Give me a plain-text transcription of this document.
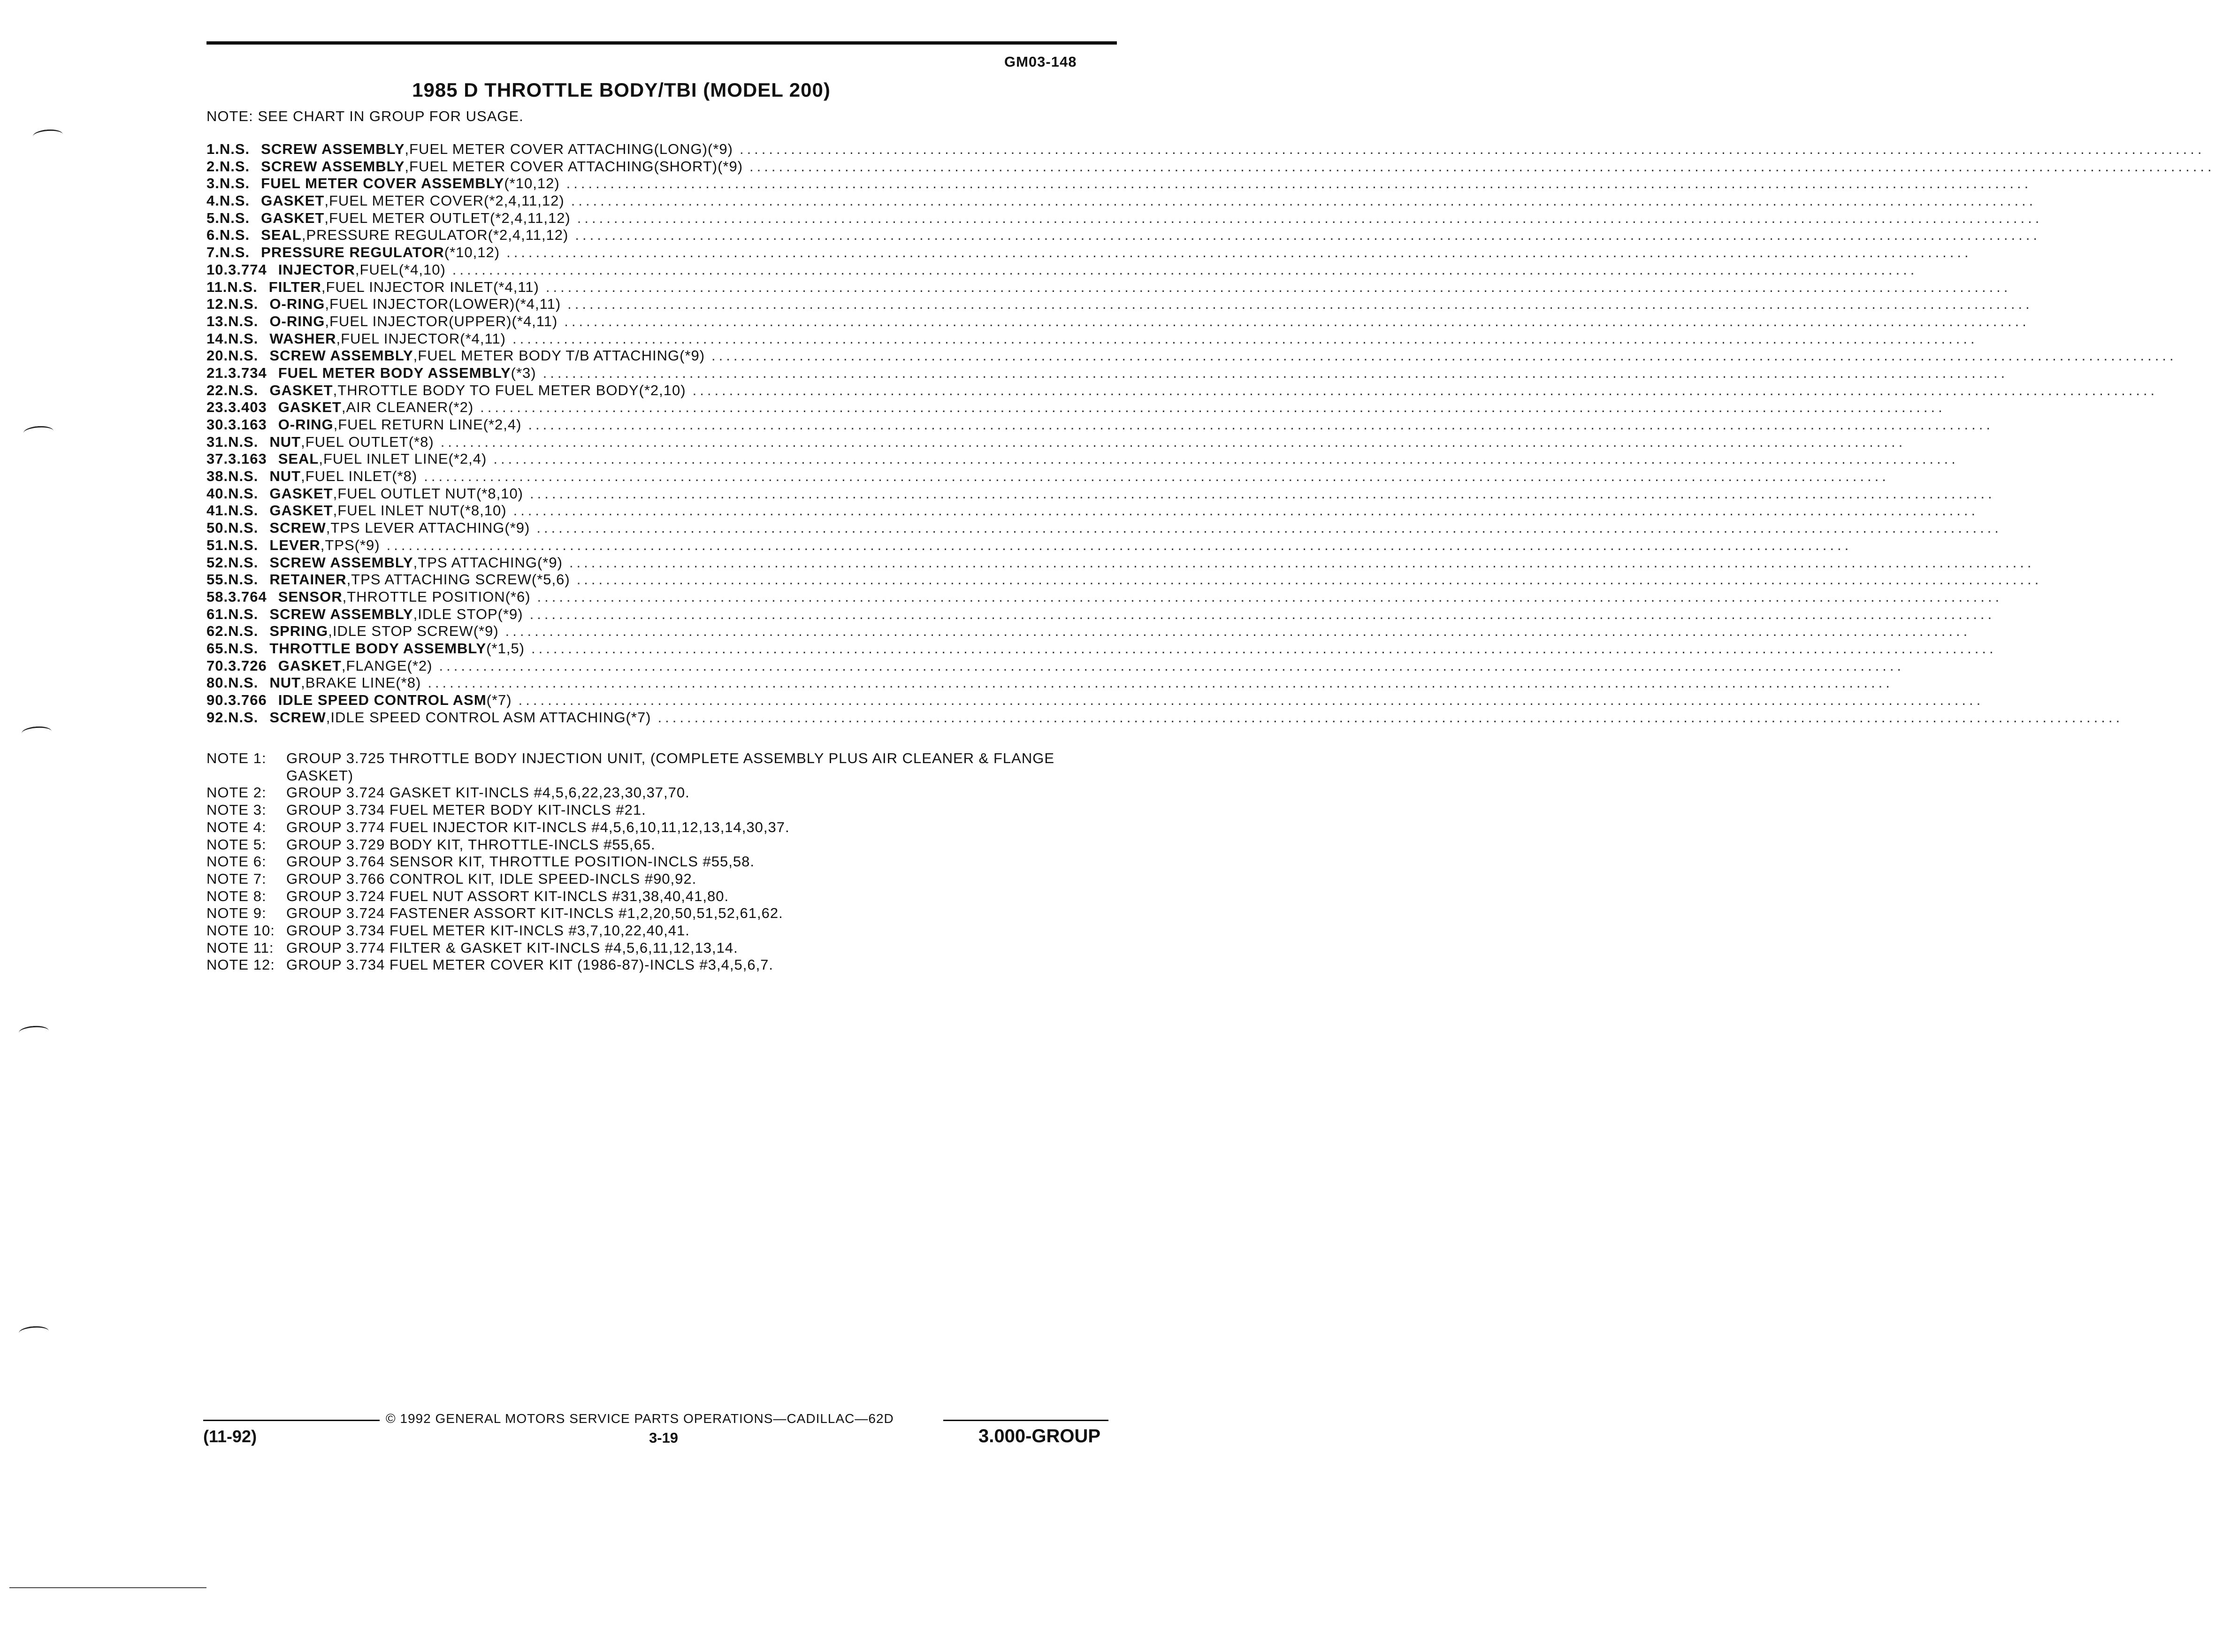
GM03-148
1985 D THROTTLE BODY/TBI (MODEL 200)
NOTE: SEE CHART IN GROUP FOR USAGE.
1. N.S. SCREW ASSEMBLY ,FUEL METER COVER ATTACHING(LONG)(*9) ........................................................................................................................................................................................................
2. N.S. SCREW ASSEMBLY ,FUEL METER COVER ATTACHING(SHORT)(*9) ........................................................................................................................................................................................................
3. N.S. FUEL METER COVER ASSEMBLY (*10,12) ........................................................................................................................................................................................................
4. N.S. GASKET ,FUEL METER COVER(*2,4,11,12) ........................................................................................................................................................................................................
5. N.S. GASKET ,FUEL METER OUTLET(*2,4,11,12) ........................................................................................................................................................................................................
6. N.S. SEAL ,PRESSURE REGULATOR(*2,4,11,12) ........................................................................................................................................................................................................
7. N.S. PRESSURE REGULATOR (*10,12) ........................................................................................................................................................................................................
10. 3.774 INJECTOR ,FUEL(*4,10) ........................................................................................................................................................................................................
11. N.S. FILTER ,FUEL INJECTOR INLET(*4,11) ........................................................................................................................................................................................................
12. N.S. O-RING ,FUEL INJECTOR(LOWER)(*4,11) ........................................................................................................................................................................................................
13. N.S. O-RING ,FUEL INJECTOR(UPPER)(*4,11) ........................................................................................................................................................................................................
14. N.S. WASHER ,FUEL INJECTOR(*4,11) ........................................................................................................................................................................................................
20. N.S. SCREW ASSEMBLY ,FUEL METER BODY T/B ATTACHING(*9) ........................................................................................................................................................................................................
21. 3.734 FUEL METER BODY ASSEMBLY (*3) ........................................................................................................................................................................................................
22. N.S. GASKET ,THROTTLE BODY TO FUEL METER BODY(*2,10) ........................................................................................................................................................................................................
23. 3.403 GASKET ,AIR CLEANER(*2) ........................................................................................................................................................................................................
30. 3.163 O-RING ,FUEL RETURN LINE(*2,4) ........................................................................................................................................................................................................
31. N.S. NUT ,FUEL OUTLET(*8) ........................................................................................................................................................................................................
37. 3.163 SEAL ,FUEL INLET LINE(*2,4) ........................................................................................................................................................................................................
38. N.S. NUT ,FUEL INLET(*8) ........................................................................................................................................................................................................
40. N.S. GASKET ,FUEL OUTLET NUT(*8,10) ........................................................................................................................................................................................................
41. N.S. GASKET ,FUEL INLET NUT(*8,10) ........................................................................................................................................................................................................
50. N.S. SCREW ,TPS LEVER ATTACHING(*9) ........................................................................................................................................................................................................
51. N.S. LEVER ,TPS(*9) ........................................................................................................................................................................................................
52. N.S. SCREW ASSEMBLY ,TPS ATTACHING(*9) ........................................................................................................................................................................................................
55. N.S. RETAINER ,TPS ATTACHING SCREW(*5,6) ........................................................................................................................................................................................................
58. 3.764 SENSOR ,THROTTLE POSITION(*6) ........................................................................................................................................................................................................
61. N.S. SCREW ASSEMBLY ,IDLE STOP(*9) ........................................................................................................................................................................................................
62. N.S. SPRING ,IDLE STOP SCREW(*9) ........................................................................................................................................................................................................
65. N.S. THROTTLE BODY ASSEMBLY (*1,5) ........................................................................................................................................................................................................
70. 3.726 GASKET ,FLANGE(*2) ........................................................................................................................................................................................................
80. N.S. NUT ,BRAKE LINE(*8) ........................................................................................................................................................................................................
90. 3.766 IDLE SPEED CONTROL ASM (*7) ........................................................................................................................................................................................................
92. N.S. SCREW ,IDLE SPEED CONTROL ASM ATTACHING(*7) ........................................................................................................................................................................................................
NOTE 1:	GROUP 3.725 THROTTLE BODY INJECTION UNIT, (COMPLETE ASSEMBLY PLUS AIR CLEANER & FLANGE GASKET)
NOTE 2:	GROUP 3.724 GASKET KIT-INCLS #4,5,6,22,23,30,37,70.
NOTE 3:	GROUP 3.734 FUEL METER BODY KIT-INCLS #21.
NOTE 4:	GROUP 3.774 FUEL INJECTOR KIT-INCLS #4,5,6,10,11,12,13,14,30,37.
NOTE 5:	GROUP 3.729 BODY KIT, THROTTLE-INCLS #55,65.
NOTE 6:	GROUP 3.764 SENSOR KIT, THROTTLE POSITION-INCLS #55,58.
NOTE 7:	GROUP 3.766 CONTROL KIT, IDLE SPEED-INCLS #90,92.
NOTE 8:	GROUP 3.724 FUEL NUT ASSORT KIT-INCLS #31,38,40,41,80.
NOTE 9:	GROUP 3.724 FASTENER ASSORT KIT-INCLS #1,2,20,50,51,52,61,62.
NOTE 10: GROUP 3.734 FUEL METER KIT-INCLS #3,7,10,22,40,41.
NOTE 11: GROUP 3.774 FILTER & GASKET KIT-INCLS #4,5,6,11,12,13,14.
NOTE 12: GROUP 3.734 FUEL METER COVER KIT (1986-87)-INCLS #3,4,5,6,7.
© 1992 GENERAL MOTORS SERVICE PARTS OPERATIONS—CADILLAC—62D
(11-92)	3-19	3.000-GROUP
